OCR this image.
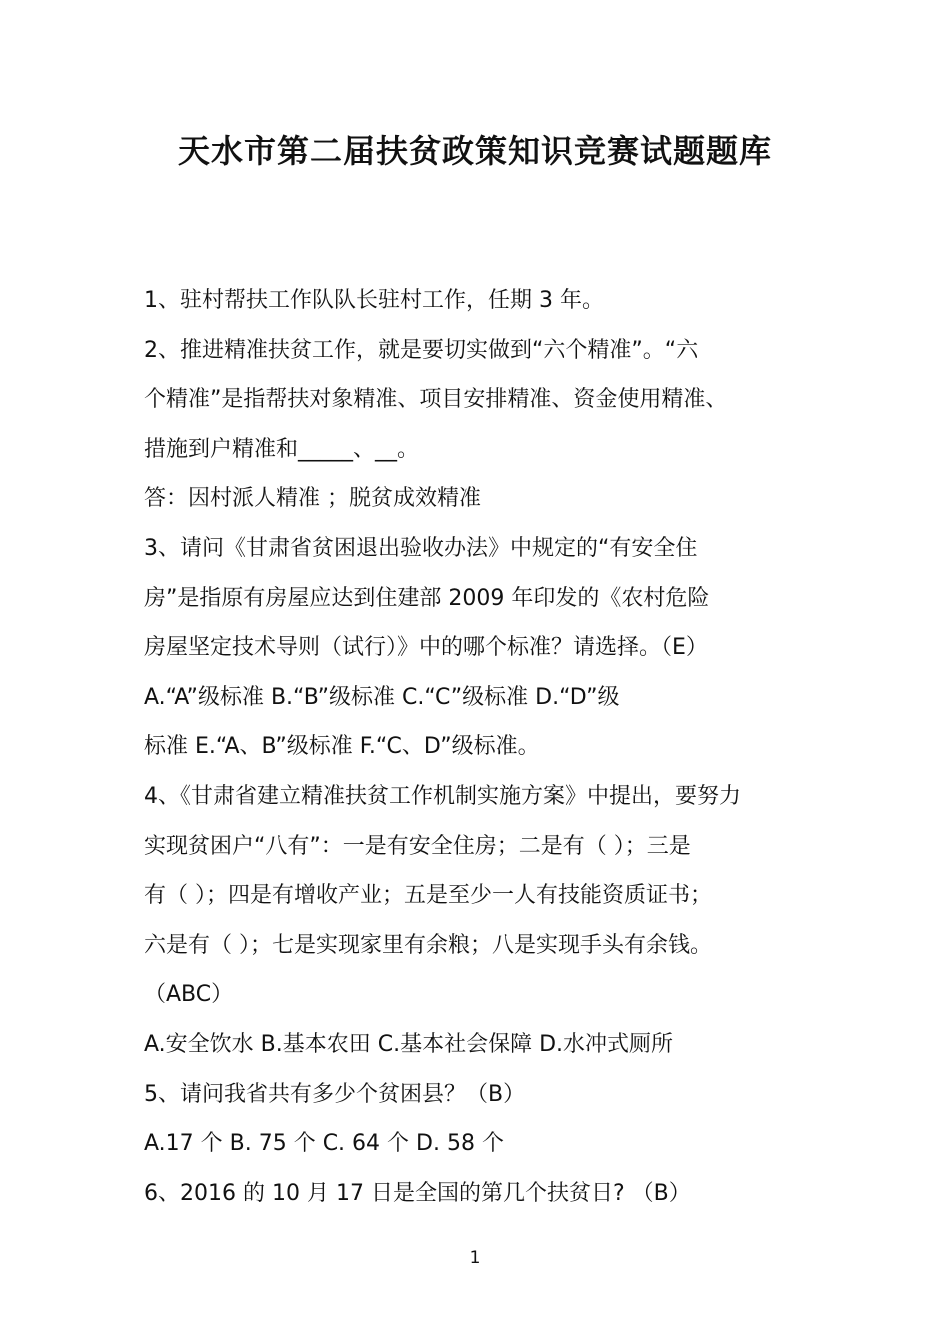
天水市第二届扶贫政策知识竞赛试题题库
1、驻村帮扶工作队队长驻村工作，任期 3 年。
2、推进精准扶贫工作，就是要切实做到“六个精准”。“六
个精准”是指帮扶对象精准、项目安排精准、资金使用精准、
措施到户精准和_____、__。
答：因村派人精准 ；脱贫成效精准
3、请问《甘肃省贫困退出验收办法》中规定的“有安全住
房”是指原有房屋应达到住建部 2009 年印发的《农村危险
房屋坚定技术导则（试行）》中的哪个标准？请选择。（E）
A.“A”级标准 B.“B”级标准 C.“C”级标准 D.“D”级
标准 E.“A、B”级标准 F.“C、D”级标准。
4、《甘肃省建立精准扶贫工作机制实施方案》中提出，要努力
实现贫困户“八有”：一是有安全住房；二是有（ ）；三是
有（ ）；四是有增收产业；五是至少一人有技能资质证书；
六是有（ ）；七是实现家里有余粮；八是实现手头有余钱。
（ABC）
A.安全饮水 B.基本农田 C.基本社会保障 D.水冲式厕所
5、请问我省共有多少个贫困县？（B）
A.17 个 B. 75 个 C. 64 个 D. 58 个
6、2016 的 10 月 17 日是全国的第几个扶贫日? （B）
1
